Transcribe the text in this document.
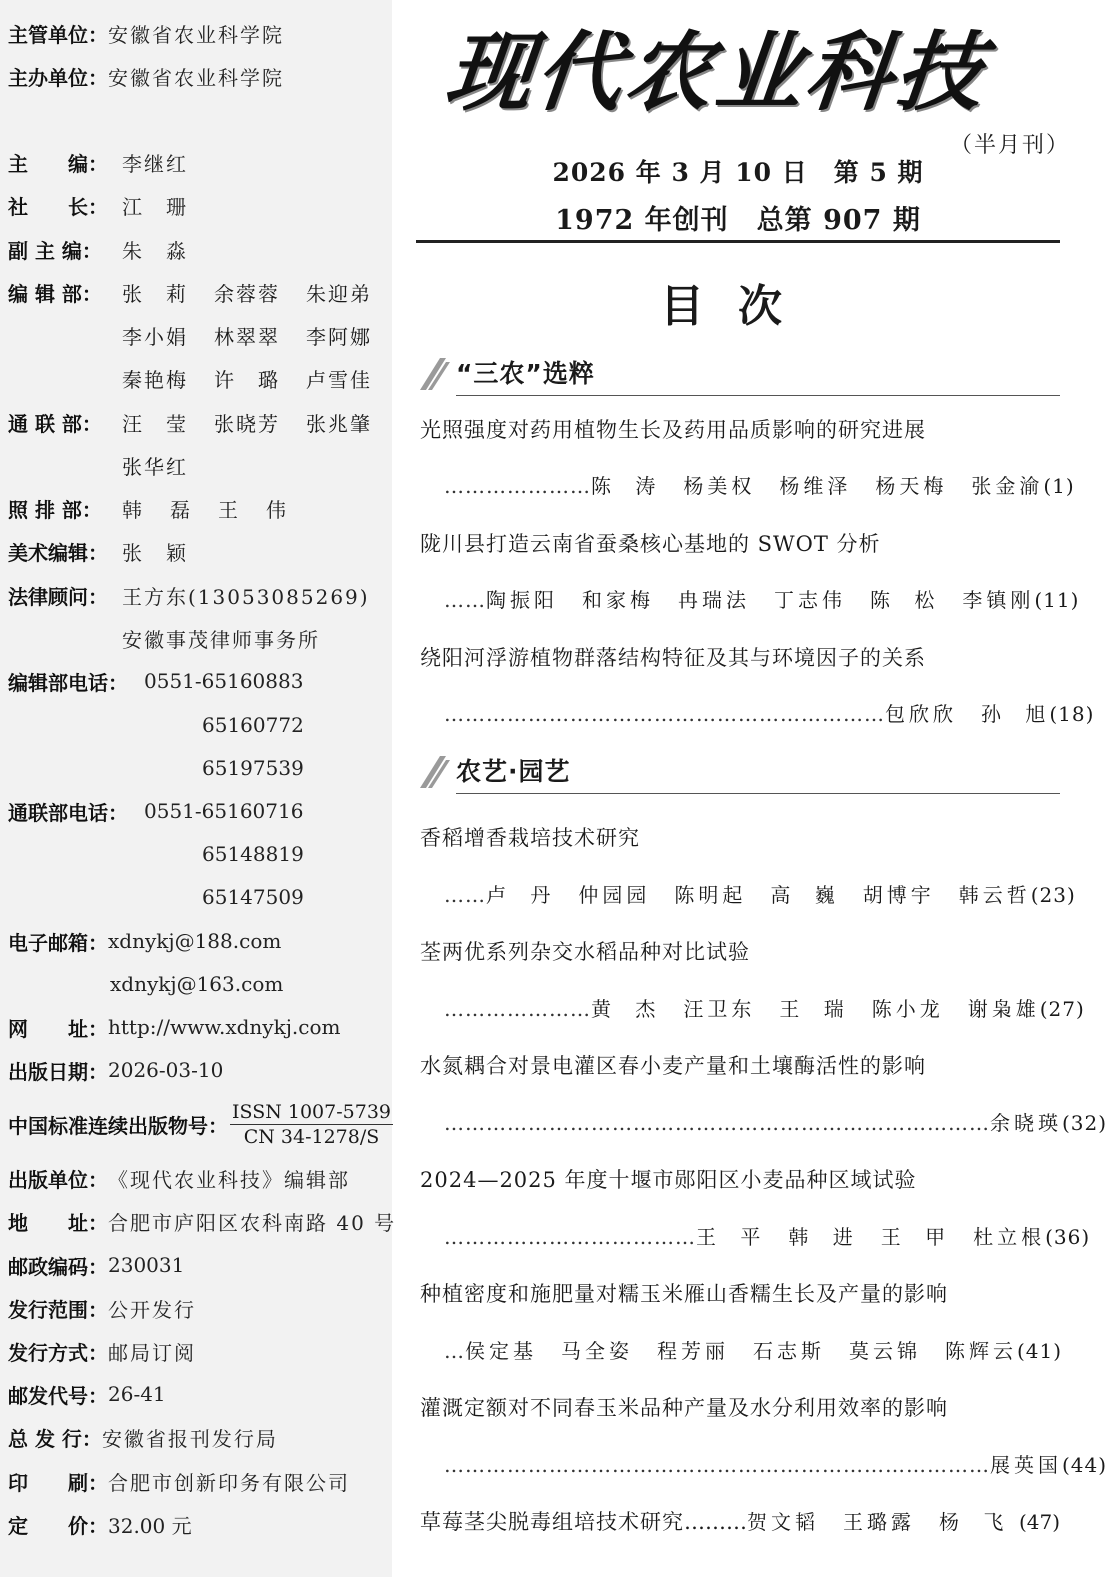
主管单位： 安徽省农业科学院
主办单位： 安徽省农业科学院
主　　编： 李继红
社　　长： 江　珊
副 主 编：	朱　淼
编 辑 部：	张　莉	余蓉蓉	朱迎弟
李小娟	林翠翠	李阿娜
秦艳梅	许　璐	卢雪佳
通 联 部：	汪　莹	张晓芳	张兆肇
张华红
照 排 部：	韩　磊　王　伟
美术编辑： 张　颖
法律顾问： 王方东(13053085269)
安徽事茂律师事务所
编辑部电话： 0551-65160883
65160772
65197539
通联部电话： 0551-65160716
65148819
65147509
电子邮箱： xdnykj@188.com
xdnykj@163.com
网　　址： http://www.xdnykj.com
出版日期： 2026-03-10
中国标准连续出版物号：
ISSN 1007-5739
CN 34-1278/S
出版单位： 《现代农业科技》编辑部
地　　址： 合肥市庐阳区农科南路 40 号
邮政编码： 230031
发行范围： 公开发行
发行方式： 邮局订阅
邮发代号： 26-41
总 发 行： 安徽省报刊发行局
印　　刷： 合肥市创新印务有限公司
定　　价： 32.00 元
现代农业科技
（半月刊）
2026 年 3 月 10 日　第 5 期
1972 年创刊　总第 907 期
目次
“三农”选粹
光照强度对药用植物生长及药用品质影响的研究进展
………………… 陈 涛　杨美权　杨维泽　杨天梅　张金渝 (1)
陇川县打造云南省蚕桑核心基地的 SWOT 分析
…… 陶振阳　和家梅　冉瑞法　丁志伟　陈 松　李镇刚 (11)
绕阳河浮游植物群落结构特征及其与环境因子的关系
……………………………………………………… 包欣欣　孙 旭 (18)
农艺·园艺
香稻增香栽培技术研究
…… 卢 丹　仲园园　陈明起　高 巍　胡博宇　韩云哲 (23)
荃两优系列杂交水稻品种对比试验
………………… 黄 杰　汪卫东　王 瑞　陈小龙　谢枭雄 (27)
水氮耦合对景电灌区春小麦产量和土壤酶活性的影响
…………………………………………………………………… 余晓瑛 (32)
2024—2025 年度十堰市郧阳区小麦品种区域试验
……………………………… 王 平　韩 进　王 甲　杜立根 (36)
种植密度和施肥量对糯玉米雁山香糯生长及产量的影响
… 侯定基　马全姿　程芳丽　石志斯　莫云锦　陈辉云 (41)
灌溉定额对不同春玉米品种产量及水分利用效率的影响
…………………………………………………………………… 展英国 (44)
草莓茎尖脱毒组培技术研究 ……… 贺文韬　王璐露　杨 飞 (47)
